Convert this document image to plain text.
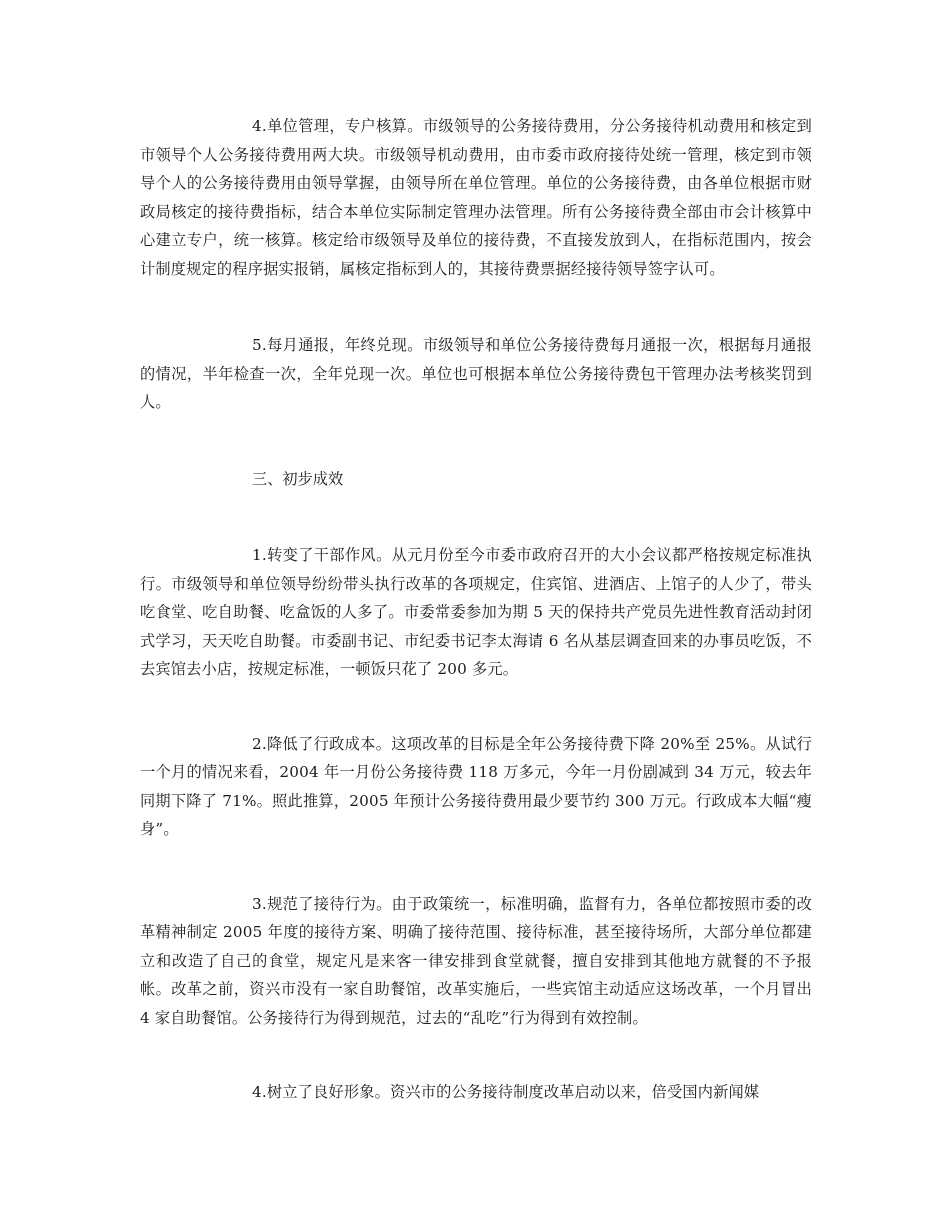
4.单位管理，专户核算。市级领导的公务接待费用，分公务接待机动费用和核定到市领导个人公务接待费用两大块。市级领导机动费用，由市委市政府接待处统一管理，核定到市领导个人的公务接待费用由领导掌握，由领导所在单位管理。单位的公务接待费，由各单位根据市财政局核定的接待费指标，结合本单位实际制定管理办法管理。所有公务接待费全部由市会计核算中心建立专户，统一核算。核定给市级领导及单位的接待费，不直接发放到人，在指标范围内，按会计制度规定的程序据实报销，属核定指标到人的，其接待费票据经接待领导签字认可。

5.每月通报，年终兑现。市级领导和单位公务接待费每月通报一次，根据每月通报的情况，半年检查一次，全年兑现一次。单位也可根据本单位公务接待费包干管理办法考核奖罚到人。

三、初步成效

1.转变了干部作风。从元月份至今市委市政府召开的大小会议都严格按规定标准执行。市级领导和单位领导纷纷带头执行改革的各项规定，住宾馆、进酒店、上馆子的人少了，带头吃食堂、吃自助餐、吃盒饭的人多了。市委常委参加为期 5 天的保持共产党员先进性教育活动封闭式学习，天天吃自助餐。市委副书记、市纪委书记李太海请 6 名从基层调查回来的办事员吃饭，不去宾馆去小店，按规定标准，一顿饭只花了 200 多元。

2.降低了行政成本。这项改革的目标是全年公务接待费下降 20%至 25%。从试行一个月的情况来看，2004 年一月份公务接待费 118 万多元，今年一月份剧减到 34 万元，较去年同期下降了 71%。照此推算，2005 年预计公务接待费用最少要节约 300 万元。行政成本大幅“瘦身”。

3.规范了接待行为。由于政策统一，标准明确，监督有力，各单位都按照市委的改革精神制定 2005 年度的接待方案、明确了接待范围、接待标准，甚至接待场所，大部分单位都建立和改造了自己的食堂，规定凡是来客一律安排到食堂就餐，擅自安排到其他地方就餐的不予报帐。改革之前，资兴市没有一家自助餐馆，改革实施后，一些宾馆主动适应这场改革，一个月冒出 4 家自助餐馆。公务接待行为得到规范，过去的“乱吃”行为得到有效控制。

4.树立了良好形象。资兴市的公务接待制度改革启动以来，倍受国内新闻媒
